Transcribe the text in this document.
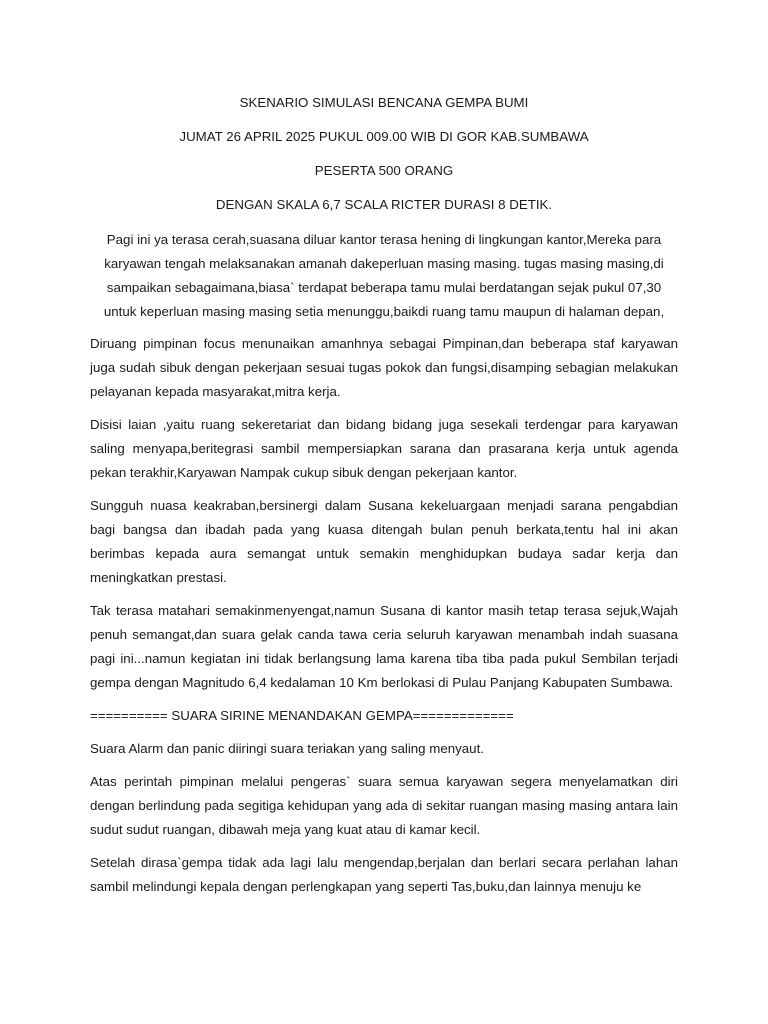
SKENARIO SIMULASI BENCANA GEMPA BUMI

JUMAT 26 APRIL 2025 PUKUL 009.00 WIB DI GOR KAB.SUMBAWA

PESERTA 500 ORANG

DENGAN SKALA 6,7 SCALA RICTER DURASI 8 DETIK.

Pagi ini ya terasa cerah,suasana diluar kantor terasa hening di lingkungan kantor,Mereka para karyawan tengah melaksanakan amanah dakeperluan masing masing. tugas masing masing,di sampaikan sebagaimana,biasa` terdapat beberapa tamu mulai berdatangan sejak pukul 07,30 untuk keperluan masing masing setia menunggu,baikdi ruang tamu maupun di halaman depan,

Diruang pimpinan focus menunaikan amanhnya sebagai Pimpinan,dan beberapa staf karyawan juga sudah sibuk dengan pekerjaan sesuai tugas pokok dan fungsi,disamping sebagian melakukan pelayanan kepada masyarakat,mitra kerja.

Disisi laian ,yaitu ruang sekeretariat dan bidang bidang juga sesekali terdengar para karyawan saling menyapa,beritegrasi sambil mempersiapkan sarana dan prasarana kerja untuk agenda pekan terakhir,Karyawan Nampak cukup sibuk dengan pekerjaan kantor.

Sungguh nuasa keakraban,bersinergi dalam Susana kekeluargaan menjadi sarana pengabdian bagi bangsa dan ibadah pada yang kuasa ditengah bulan penuh berkata,tentu hal ini akan berimbas kepada aura semangat untuk semakin menghidupkan budaya sadar kerja dan meningkatkan prestasi.

Tak terasa matahari semakinmenyengat,namun Susana di kantor masih tetap terasa sejuk,Wajah penuh semangat,dan suara gelak canda tawa ceria seluruh karyawan menambah indah suasana pagi ini...namun kegiatan ini tidak berlangsung lama karena tiba tiba pada pukul Sembilan terjadi gempa dengan Magnitudo 6,4 kedalaman 10 Km berlokasi di Pulau Panjang Kabupaten Sumbawa.

========== SUARA SIRINE MENANDAKAN GEMPA=============

Suara Alarm dan panic diiringi suara teriakan yang saling menyaut.

Atas perintah pimpinan melalui pengeras` suara semua karyawan segera menyelamatkan diri dengan berlindung pada segitiga kehidupan yang ada di sekitar ruangan masing masing antara lain sudut sudut ruangan, dibawah meja yang kuat atau di kamar kecil.

Setelah dirasa`gempa tidak ada lagi lalu mengendap,berjalan dan berlari secara perlahan lahan sambil melindungi kepala dengan perlengkapan yang seperti Tas,buku,dan lainnya menuju ke
